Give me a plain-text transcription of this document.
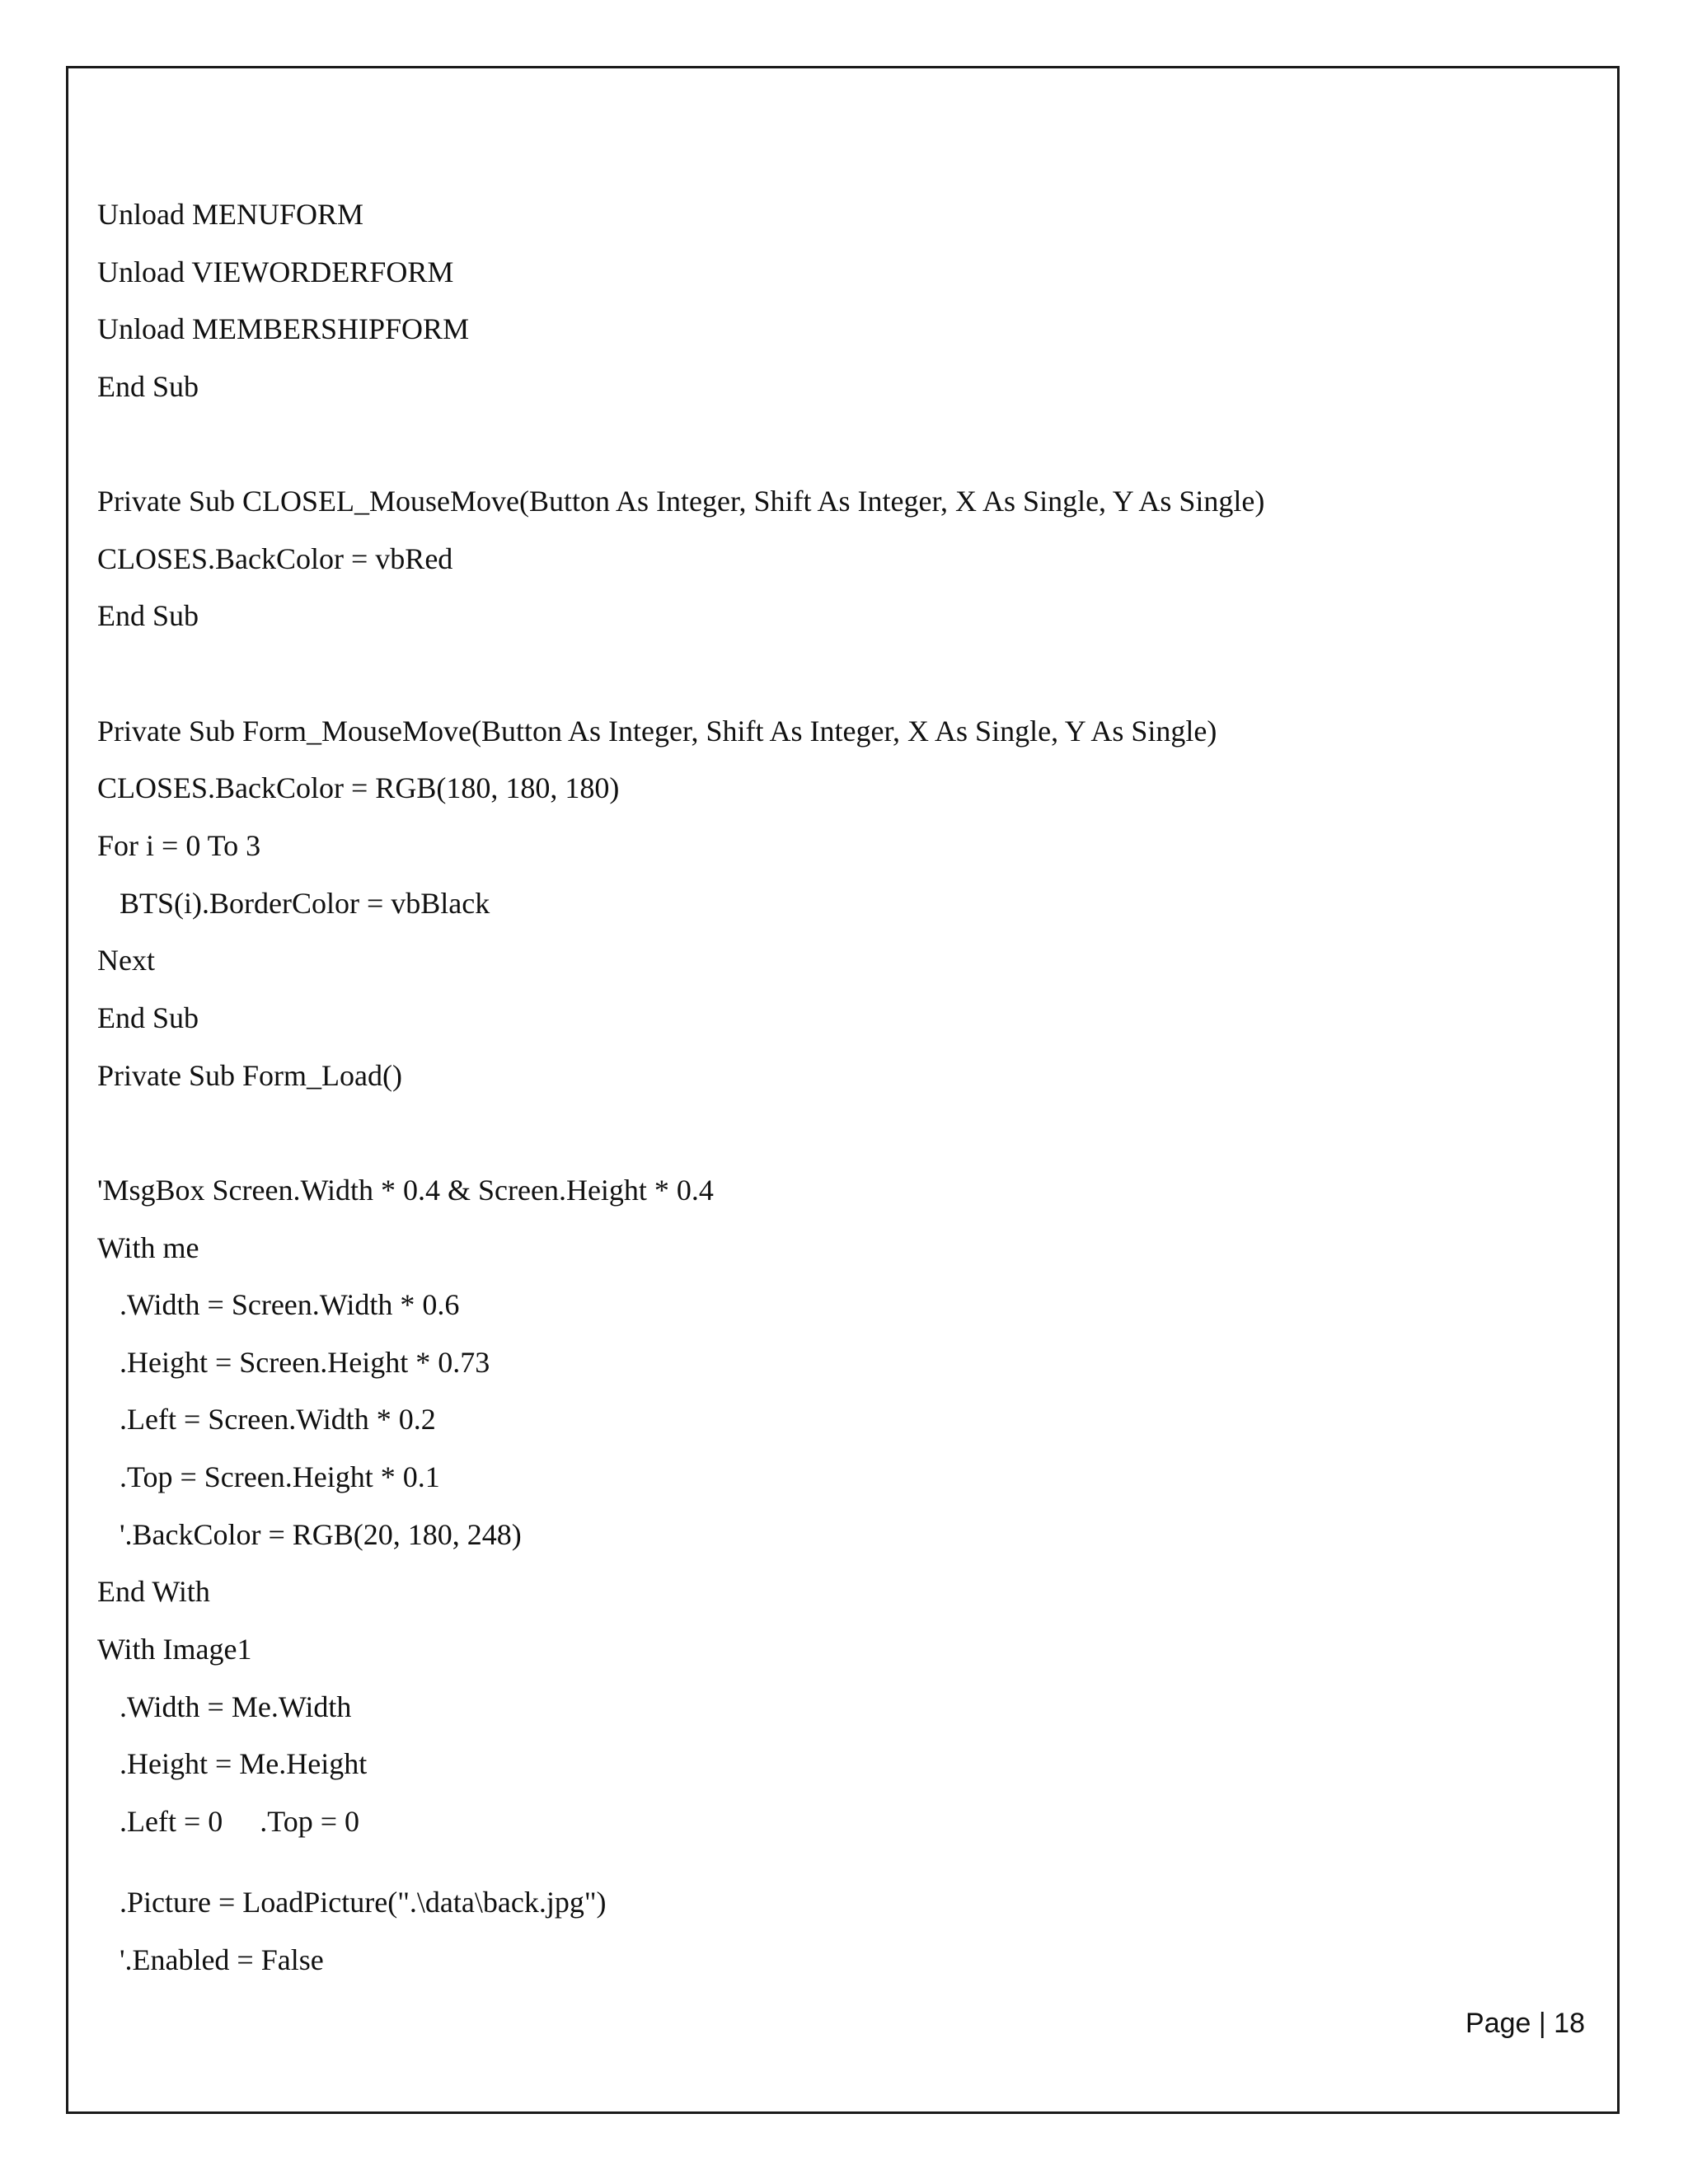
Unload MENUFORM
Unload VIEWORDERFORM
Unload MEMBERSHIPFORM
End Sub
Private Sub CLOSEL_MouseMove(Button As Integer, Shift As Integer, X As Single, Y As Single)
CLOSES.BackColor = vbRed
End Sub
Private Sub Form_MouseMove(Button As Integer, Shift As Integer, X As Single, Y As Single)
CLOSES.BackColor = RGB(180, 180, 180)
For i = 0 To 3
BTS(i).BorderColor = vbBlack
Next
End Sub
Private Sub Form_Load()
'MsgBox Screen.Width * 0.4 & Screen.Height * 0.4
With me
.Width = Screen.Width * 0.6
.Height = Screen.Height * 0.73
.Left = Screen.Width * 0.2
.Top = Screen.Height * 0.1
'.BackColor = RGB(20, 180, 248)
End With
With Image1
.Width = Me.Width
.Height = Me.Height
.Left = 0     .Top = 0
.Picture = LoadPicture(".\data\back.jpg")
'.Enabled = False
Page | 18
